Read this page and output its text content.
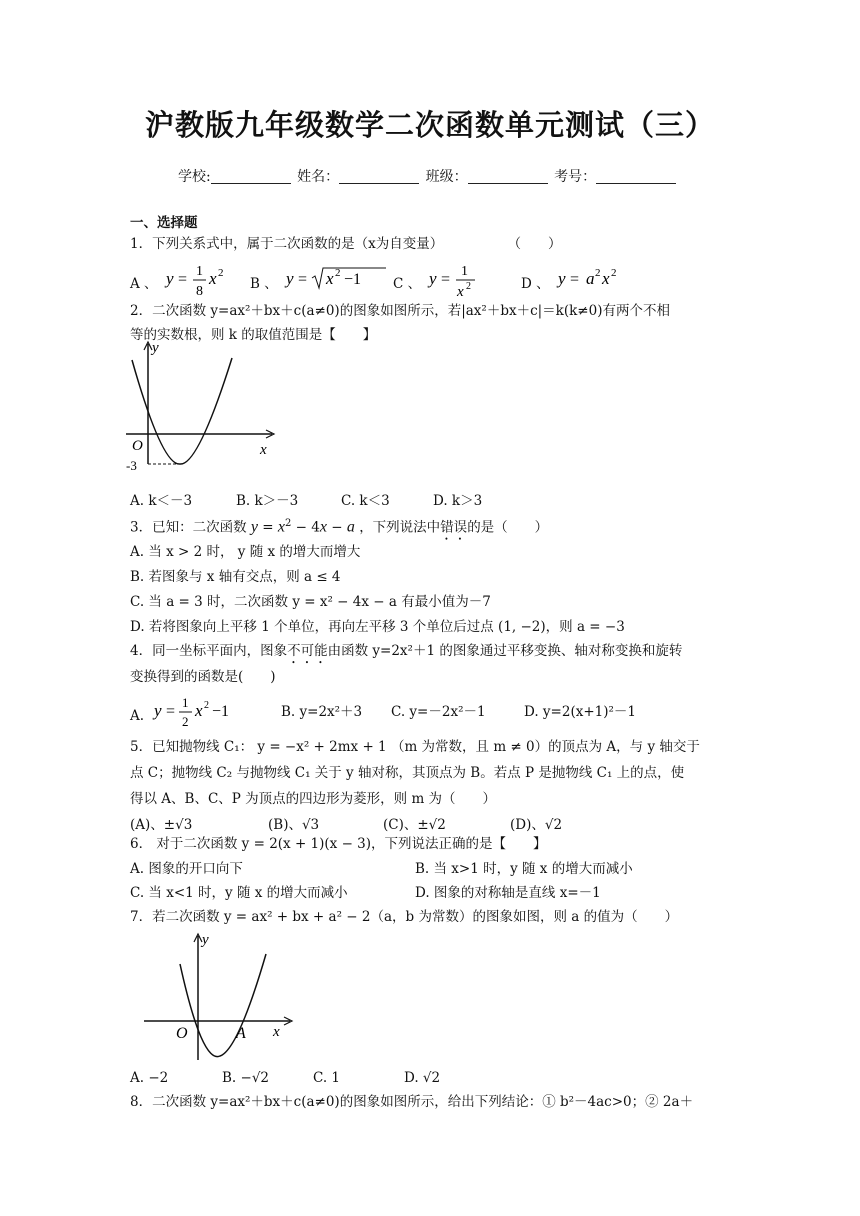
沪教版九年级数学二次函数单元测试（三）
学校:	姓名：	班级：	考号：
一、选择题
1．下列关系式中，属于二次函数的是（x为自变量）	（　　）
A 、 y = 1
8
x 2
B 、 y = x 2 −1 C 、 y = 1
x 2	D 、 y = a 2 x 2
2．二次函数 y=ax²＋bx＋c(a≠0)的图象如图所示，若|ax²＋bx＋c|＝k(k≠0)有两个不相
等的实数根，则 k 的取值范围是【　　】
y
x
O
-3
A. k＜－3	B. k＞－3	C. k＜3	D. k＞3
3．已知：二次函数 $y = x^2 - 4x - a$ ，下列说法中错误的是（　　）
A. 当 x > 2 时， y 随 x 的增大而增大
B. 若图象与 x 轴有交点，则 a ≤ 4
C. 当 a = 3 时，二次函数 y = x² − 4x − a 有最小值为－7
D. 若将图象向上平移 1 个单位，再向左平移 3 个单位后过点 (1, −2)，则 a = −3
4．同一坐标平面内，图象不可能由函数 y=2x²＋1 的图象通过平移变换、轴对称变换和旋转
变换得到的函数是(　　)
A. y =
1
2
x 2 −1	B. y=2x²＋3 C. y=－2x²－1	D. y=2(x+1)²－1
5．已知抛物线 C₁： y = −x² + 2mx + 1 （m 为常数，且 m ≠ 0）的顶点为 A，与 y 轴交于
点 C；抛物线 C₂ 与抛物线 C₁ 关于 y 轴对称，其顶点为 B。若点 P 是抛物线 C₁ 上的点，使
得以 A、B、C、P 为顶点的四边形为菱形，则 m 为（　　）
(A)、±√3	(B)、√3	(C)、±√2	(D)、√2
6． 对于二次函数 y = 2(x + 1)(x − 3)，下列说法正确的是【　　】
A. 图象的开口向下	B. 当 x>1 时，y 随 x 的增大而减小
C. 当 x<1 时，y 随 x 的增大而减小	D. 图象的对称轴是直线 x=－1
7．若二次函数 y = ax² + bx + a² − 2（a，b 为常数）的图象如图，则 a 的值为（　　）
y
x
O	A
A. −2	B. −√2	C. 1	D. √2
8．二次函数 y=ax²＋bx＋c(a≠0)的图象如图所示，给出下列结论：① b²－4ac>0；② 2a＋
